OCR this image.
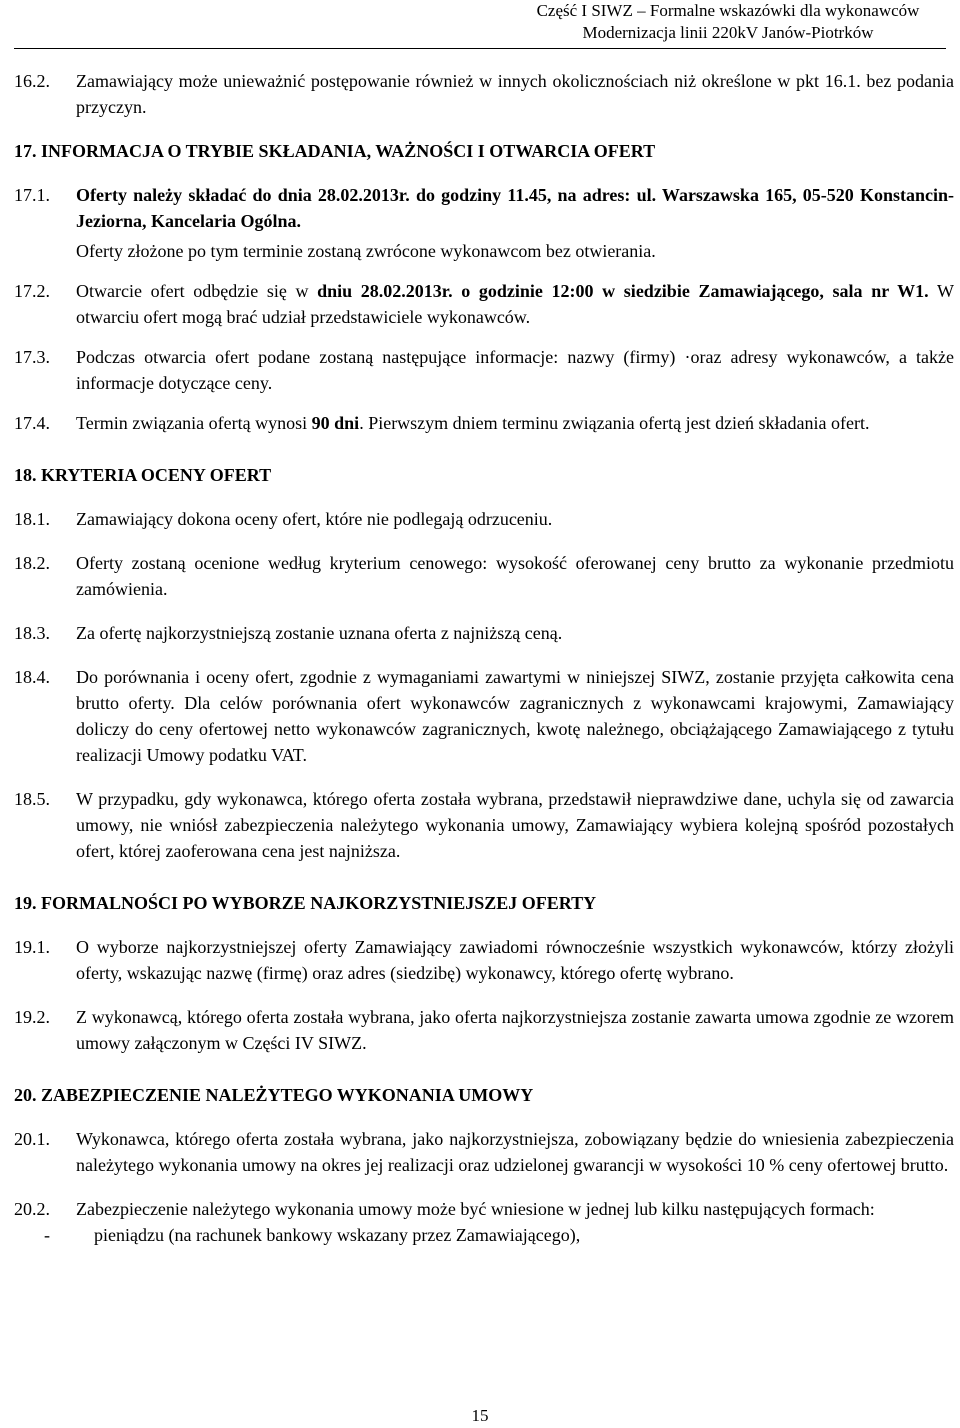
Część I SIWZ – Formalne wskazówki dla wykonawców
Modernizacja linii 220kV Janów-Piotrków
16.2.	Zamawiający może unieważnić postępowanie również w innych okolicznościach niż określone w pkt 16.1. bez podania przyczyn.
17. INFORMACJA O TRYBIE SKŁADANIA, WAŻNOŚCI I OTWARCIA OFERT
17.1.	Oferty należy składać do dnia 28.02.2013r. do godziny 11.45, na adres: ul. Warszawska 165, 05-520 Konstancin-Jeziorna, Kancelaria Ogólna.
Oferty złożone po tym terminie zostaną zwrócone wykonawcom bez otwierania.
17.2.	Otwarcie ofert odbędzie się w dniu 28.02.2013r. o godzinie 12:00 w siedzibie Zamawiającego, sala nr W1. W otwarciu ofert mogą brać udział przedstawiciele wykonawców.
17.3.	Podczas otwarcia ofert podane zostaną następujące informacje: nazwy (firmy) ·oraz adresy wykonawców, a także informacje dotyczące ceny.
17.4.	Termin związania ofertą wynosi 90 dni. Pierwszym dniem terminu związania ofertą jest dzień składania ofert.
18. KRYTERIA OCENY OFERT
18.1.	Zamawiający dokona oceny ofert, które nie podlegają odrzuceniu.
18.2.	Oferty zostaną ocenione według kryterium cenowego: wysokość oferowanej ceny brutto za wykonanie przedmiotu zamówienia.
18.3.	Za ofertę najkorzystniejszą zostanie uznana oferta z najniższą ceną.
18.4.	Do porównania i oceny ofert, zgodnie z wymaganiami zawartymi w niniejszej SIWZ, zostanie przyjęta całkowita cena brutto oferty. Dla celów porównania ofert wykonawców zagranicznych z wykonawcami krajowymi, Zamawiający doliczy do ceny ofertowej netto wykonawców zagranicznych, kwotę należnego, obciążającego Zamawiającego z tytułu realizacji Umowy podatku VAT.
18.5.	W przypadku, gdy wykonawca, którego oferta została wybrana, przedstawił nieprawdziwe dane, uchyla się od zawarcia umowy, nie wniósł zabezpieczenia należytego wykonania umowy, Zamawiający wybiera kolejną spośród pozostałych ofert, której zaoferowana cena jest najniższa.
19. FORMALNOŚCI PO WYBORZE NAJKORZYSTNIEJSZEJ OFERTY
19.1.	O wyborze najkorzystniejszej oferty Zamawiający zawiadomi równocześnie wszystkich wykonawców, którzy złożyli oferty, wskazując nazwę (firmę) oraz adres (siedzibę) wykonawcy, którego ofertę wybrano.
19.2.	Z wykonawcą, którego oferta została wybrana, jako oferta najkorzystniejsza zostanie zawarta umowa zgodnie ze wzorem umowy załączonym w Części IV SIWZ.
20. ZABEZPIECZENIE NALEŻYTEGO WYKONANIA UMOWY
20.1.	Wykonawca, którego oferta została wybrana, jako najkorzystniejsza, zobowiązany będzie do wniesienia zabezpieczenia należytego wykonania umowy na okres jej realizacji oraz udzielonej gwarancji w wysokości 10 % ceny ofertowej brutto.
20.2.	Zabezpieczenie należytego wykonania umowy może być wniesione w jednej lub kilku następujących formach:
-	pieniądzu (na rachunek bankowy wskazany przez Zamawiającego),
15
